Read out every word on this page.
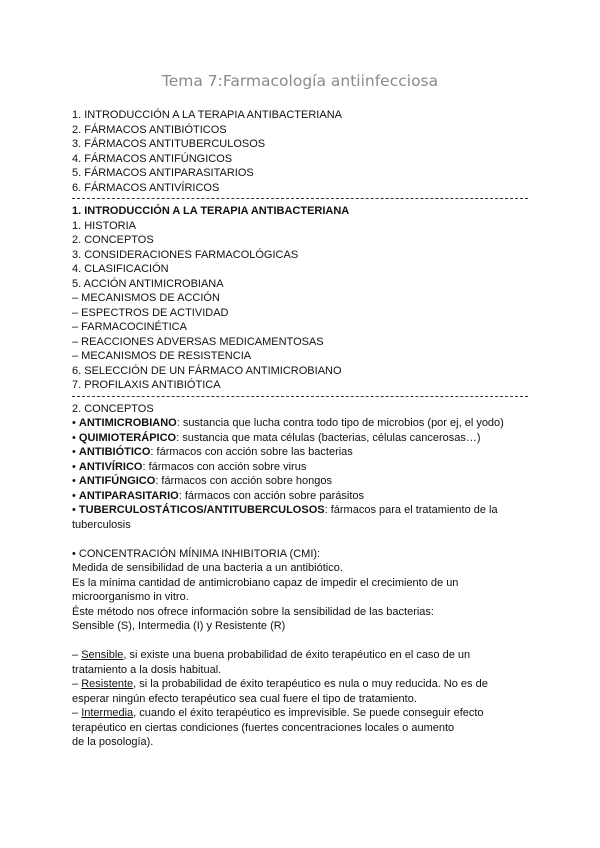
Tema 7:Farmacología antiinfecciosa
1. INTRODUCCIÓN A LA TERAPIA ANTIBACTERIANA
2. FÁRMACOS ANTIBIÓTICOS
3. FÁRMACOS ANTITUBERCULOSOS
4. FÁRMACOS ANTIFÚNGICOS
5. FÁRMACOS ANTIPARASITARIOS
6. FÁRMACOS ANTIVÍRICOS
1. INTRODUCCIÓN A LA TERAPIA ANTIBACTERIANA
1. HISTORIA
2. CONCEPTOS
3. CONSIDERACIONES FARMACOLÓGICAS
4. CLASIFICACIÓN
5. ACCIÓN ANTIMICROBIANA
– MECANISMOS DE ACCIÓN
– ESPECTROS DE ACTIVIDAD
– FARMACOCINÉTICA
– REACCIONES ADVERSAS MEDICAMENTOSAS
– MECANISMOS DE RESISTENCIA
6. SELECCIÓN DE UN FÁRMACO ANTIMICROBIANO
7. PROFILAXIS ANTIBIÓTICA
2. CONCEPTOS
• ANTIMICROBIANO: sustancia que lucha contra todo tipo de microbios (por ej, el yodo)
• QUIMIOTERÁPICO: sustancia que mata células (bacterias, células cancerosas…)
• ANTIBIÓTICO: fármacos con acción sobre las bacterias
• ANTIVÍRICO: fármacos con acción sobre virus
• ANTIFÚNGICO: fármacos con acción sobre hongos
• ANTIPARASITARIO: fármacos con acción sobre parásitos
• TUBERCULOSTÁTICOS/ANTITUBERCULOSOS: fármacos para el tratamiento de la
tuberculosis
• CONCENTRACIÓN MÍNIMA INHIBITORIA (CMI):
Medida de sensibilidad de una bacteria a un antibiótico.
Es la mínima cantidad de antimicrobiano capaz de impedir el crecimiento de un
microorganismo in vitro.
Éste método nos ofrece información sobre la sensibilidad de las bacterias:
Sensible (S), Intermedia (I) y Resistente (R)
– Sensible, si existe una buena probabilidad de éxito terapéutico en el caso de un
tratamiento a la dosis habitual.
– Resistente, si la probabilidad de éxito terapéutico es nula o muy reducida. No es de
esperar ningún efecto terapéutico sea cual fuere el tipo de tratamiento.
– Intermedia, cuando el éxito terapéutico es imprevisible. Se puede conseguir efecto
terapéutico en ciertas condiciones (fuertes concentraciones locales o aumento
de la posología).
